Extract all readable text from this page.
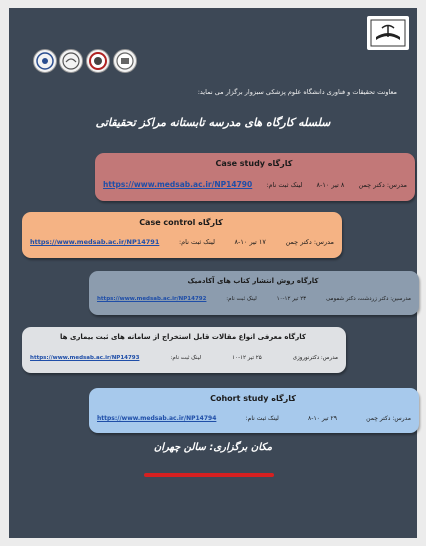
معاونت تحقیقات و فناوری دانشگاه علوم پزشکی سبزوار برگزار می نماید:
سلسله کارگاه های مدرسه تابستانه مراکز تحقیقاتی
کارگاه Case study
مدرس: دکتر چمن
۸ تیر ۱۰-۸
لینک ثبت نام:
https://www.medsab.ac.ir/NP14790
کارگاه Case control
مدرس: دکتر چمن
۱۷ تیر ۱۰-۸
لینک ثبت نام:
https://www.medsab.ac.ir/NP14791
کارگاه روش انتشار کتاب های آکادمیک
مدرسین: دکتر زردشت، دکتر شمومی
۲۳ تیر ۱۲-۱۰
لینک ثبت نام:
https://www.medsab.ac.ir/NP14792
کارگاه معرفی انواع مقالات قابل استخراج از سامانه های ثبت بیماری ها
مدرس: دکترنوروزی
۲۵ تیر ۱۲-۱۰
لینک ثبت نام:
https://www.medsab.ac.ir/NP14793
کارگاه Cohort study
مدرس: دکتر چمن
۲۹ تیر ۱۰-۸
لینک ثبت نام:
https://www.medsab.ac.ir/NP14794
مکان برگزاری: سالن چهران
